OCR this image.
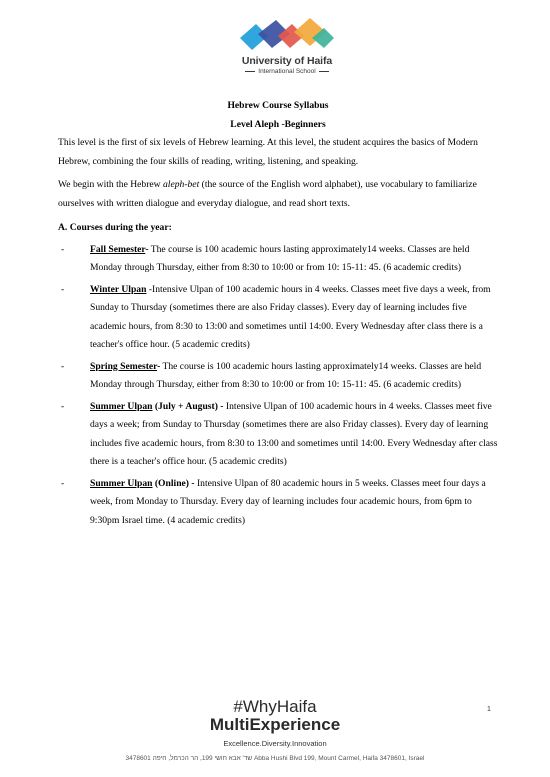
University of Haifa
International School

Hebrew Course Syllabus

Level Aleph -Beginners

This level is the first of six levels of Hebrew learning. At this level, the student acquires the basics of Modern Hebrew, combining the four skills of reading, writing, listening, and speaking.

We begin with the Hebrew aleph-bet (the source of the English word alphabet), use vocabulary to familiarize ourselves with written dialogue and everyday dialogue, and read short texts.

A. Courses during the year:

-	Fall Semester- The course is 100 academic hours lasting approximately14 weeks. Classes are held Monday through Thursday, either from 8:30 to 10:00 or from 10: 15-11: 45. (6 academic credits)
-	Winter Ulpan -Intensive Ulpan of 100 academic hours in 4 weeks. Classes meet five days a week, from Sunday to Thursday (sometimes there are also Friday classes). Every day of learning includes five academic hours, from 8:30 to 13:00 and sometimes until 14:00. Every Wednesday after class there is a teacher's office hour. (5 academic credits)
-	Spring Semester- The course is 100 academic hours lasting approximately14 weeks. Classes are held Monday through Thursday, either from 8:30 to 10:00 or from 10: 15-11: 45. (6 academic credits)
-	Summer Ulpan (July + August) - Intensive Ulpan of 100 academic hours in 4 weeks. Classes meet five days a week; from Sunday to Thursday (sometimes there are also Friday classes). Every day of learning includes five academic hours, from 8:30 to 13:00 and sometimes until 14:00. Every Wednesday after class there is a teacher's office hour. (5 academic credits)
-	Summer Ulpan (Online) - Intensive Ulpan of 80 academic hours in 5 weeks. Classes meet four days a week, from Monday to Thursday. Every day of learning includes four academic hours, from 6pm to 9:30pm Israel time. (4 academic credits)
1
#WhyHaifa
MultiExperience
Excellence.Diversity.Innovation
שד' אבא חושי 199, הר הכרמל, חיפה 3478601 Abba Hushi Blvd 199, Mount Carmel, Haifa 3478601, Israel
